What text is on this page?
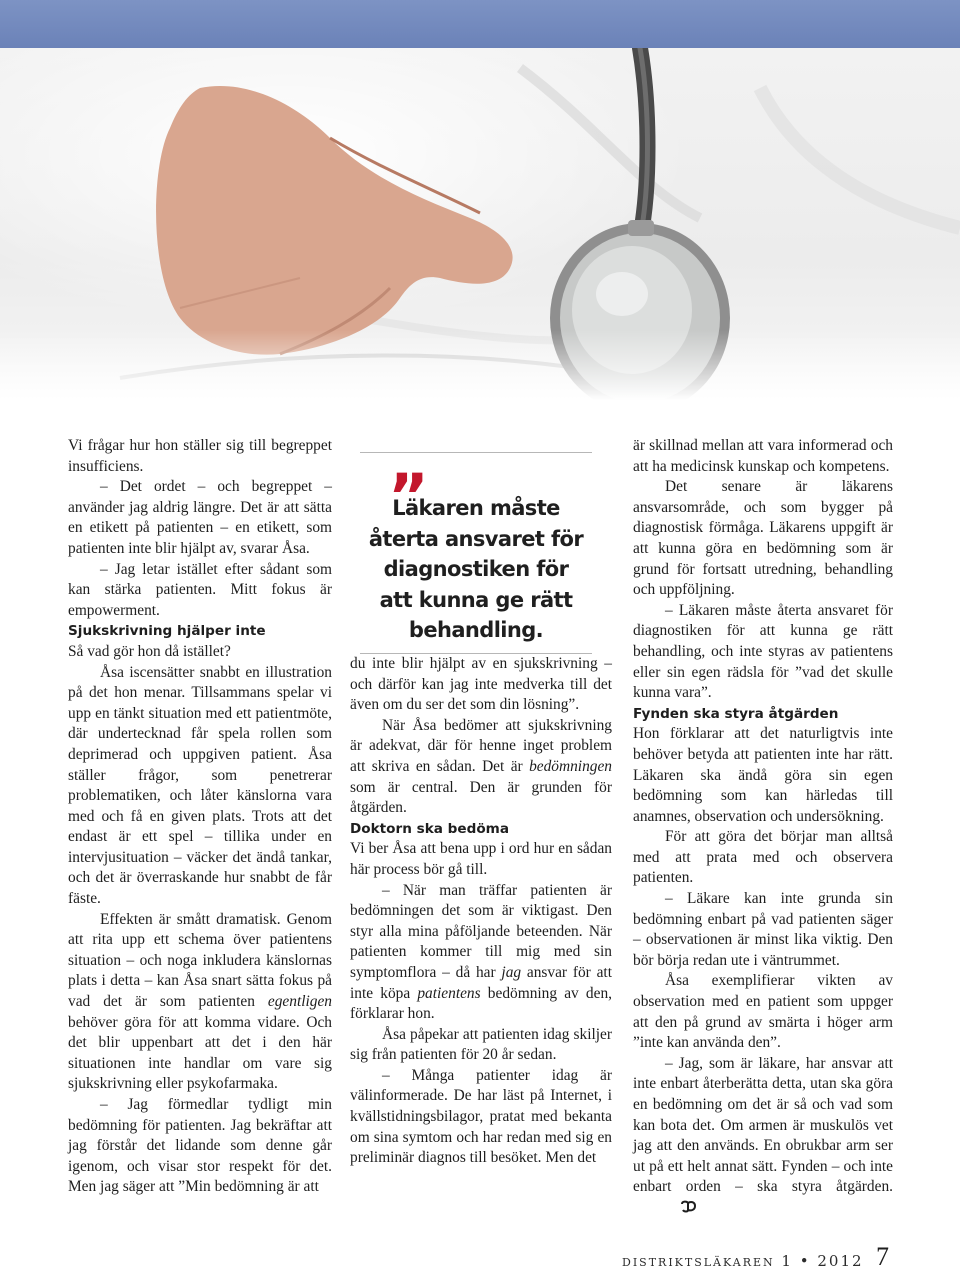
Vi frågar hur hon ställer sig till begreppet insufficiens.

– Det ordet – och begreppet – använder jag aldrig längre. Det är att sätta en etikett på patienten – en etikett, som patienten inte blir hjälpt av, svarar Åsa.

– Jag letar istället efter sådant som kan stärka patienten. Mitt fokus är empowerment.

Sjukskrivning hjälper inte

Så vad gör hon då istället?

Åsa iscensätter snabbt en illustration på det hon menar. Tillsammans spelar vi upp en tänkt situation med ett patientmöte, där undertecknad får spela rollen som deprimerad och uppgiven patient. Åsa ställer frågor, som penetrerar problematiken, och låter känslorna vara med och få en given plats. Trots att det endast är ett spel – tillika under en intervjusituation – väcker det ändå tankar, och det är överraskande hur snabbt de får fäste.

Effekten är smått dramatisk. Genom att rita upp ett schema över patientens situation – och noga inkludera känslornas plats i detta – kan Åsa snart sätta fokus på vad det är som patienten egentligen behöver göra för att komma vidare. Och det blir uppenbart att det i den här situationen inte handlar om vare sig sjukskrivning eller psykofarmaka.

– Jag förmedlar tydligt min bedömning för patienten. Jag bekräftar att jag förstår det lidande som denne går igenom, och visar stor respekt för det. Men jag säger att ”Min bedömning är att

”
Läkaren måste
återta ansvaret för
diagnostiken för
att kunna ge rätt
behandling.

du inte blir hjälpt av en sjukskrivning – och därför kan jag inte medverka till det även om du ser det som din lösning”.

När Åsa bedömer att sjukskrivning är adekvat, där för henne inget problem att skriva en sådan. Det är bedömningen som är central. Den är grunden för åtgärden.

Doktorn ska bedöma

Vi ber Åsa att bena upp i ord hur en sådan här process bör gå till.

– När man träffar patienten är bedömningen det som är viktigast. Den styr alla mina påföljande beteenden. När patienten kommer till mig med sin symptomflora – då har jag ansvar för att inte köpa patientens bedömning av den, förklarar hon.

Åsa påpekar att patienten idag skiljer sig från patienten för 20 år sedan.

– Många patienter idag är välinformerade. De har läst på Internet, i kvällstidningsbilagor, pratat med bekanta om sina symtom och har redan med sig en preliminär diagnos till besöket. Men det

är skillnad mellan att vara informerad och att ha medicinsk kunskap och kompetens.

Det senare är läkarens ansvarsområde, och som bygger på diagnostisk förmåga. Läkarens uppgift är att kunna göra en bedömning som är grund för fortsatt utredning, behandling och uppföljning.

– Läkaren måste återta ansvaret för diagnostiken för att kunna ge rätt behandling, och inte styras av patientens eller sin egen rädsla för ”vad det skulle kunna vara”.

Fynden ska styra åtgärden

Hon förklarar att det naturligtvis inte behöver betyda att patienten inte har rätt. Läkaren ska ändå göra sin egen bedömning som kan härledas till anamnes, observation och undersökning.

För att göra det börjar man alltså med att prata med och observera patienten.

– Läkare kan inte grunda sin bedömning enbart på vad patienten säger – observationen är minst lika viktig. Den bör börja redan ute i väntrummet.

Åsa exemplifierar vikten av observation med en patient som uppger att den på grund av smärta i höger arm ”inte kan använda den”.

– Jag, som är läkare, har ansvar att inte enbart återberätta detta, utan ska göra en bedömning om det är så och vad som kan bota det. Om armen är muskulös vet jag att den används. En obrukbar arm ser ut på ett helt annat sätt. Fynden – och inte enbart orden – ska styra åtgärden.

distriktsläkaren 1 • 2012 7
